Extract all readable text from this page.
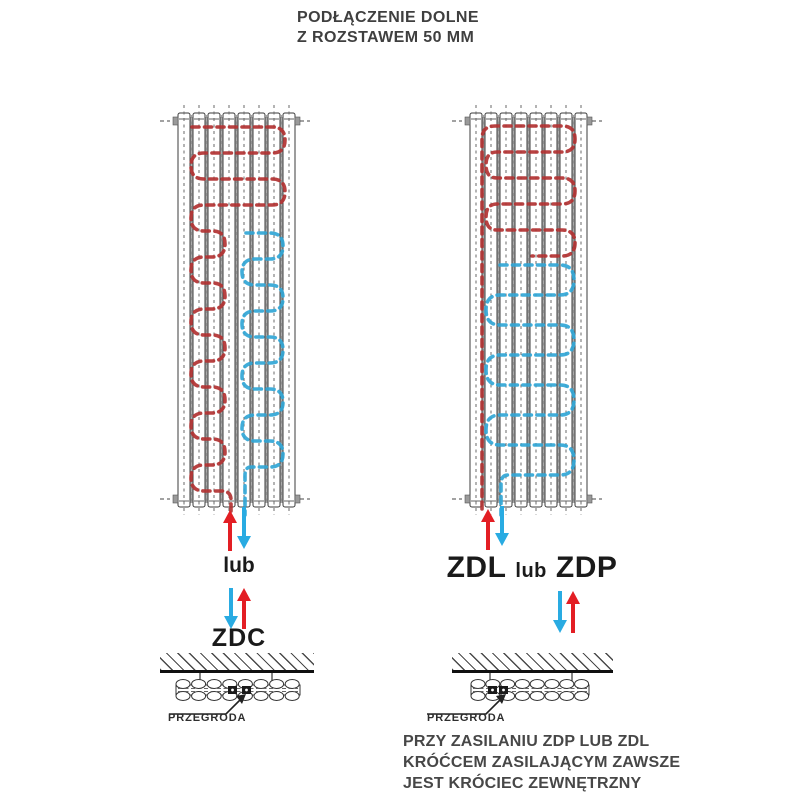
PODŁĄCZENIE DOLNE
Z ROZSTAWEM 50 MM
lub
ZDC
ZDL lub ZDP
PRZEGRODA	PRZEGRODA
PRZY ZASILANIU ZDP LUB ZDL
KRÓĆCEM ZASILAJĄCYM ZAWSZE
JEST KRÓCIEC ZEWNĘTRZNY
